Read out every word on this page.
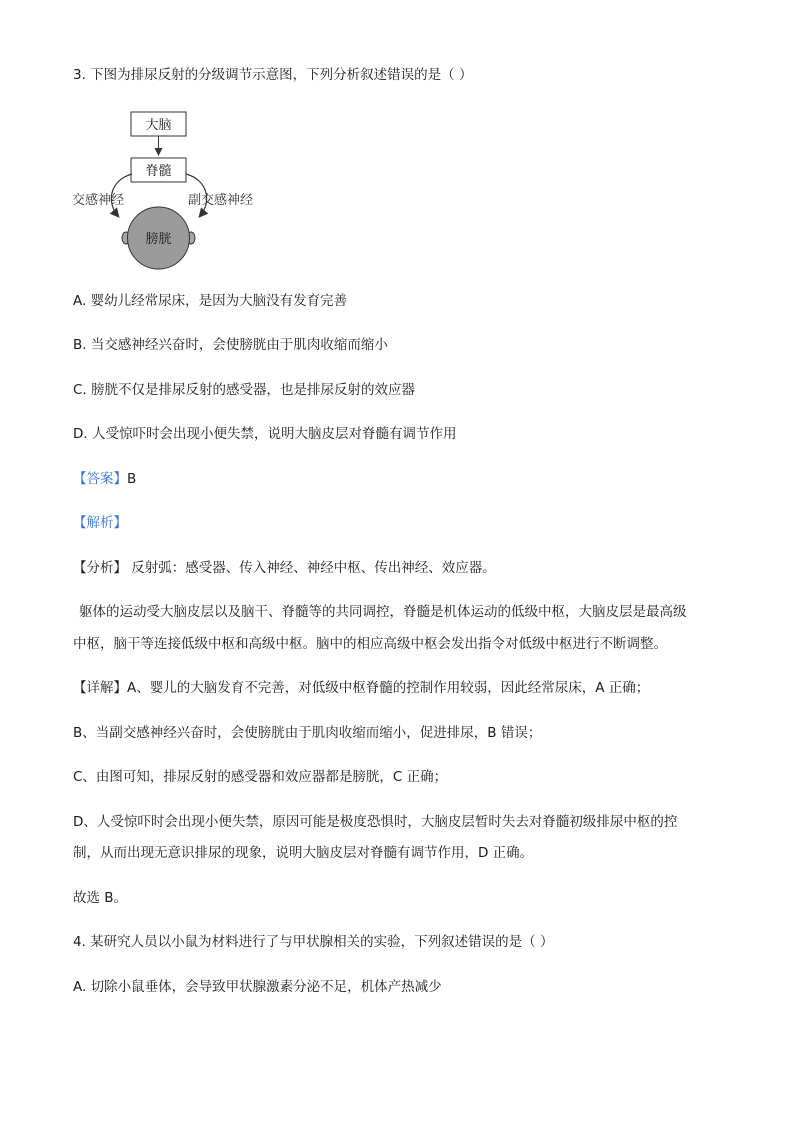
3. 下图为排尿反射的分级调节示意图，下列分析叙述错误的是（ ）
大脑
脊髓
交感神经	副交感神经
膀胱
A. 婴幼儿经常尿床，是因为大脑没有发育完善
B. 当交感神经兴奋时，会使膀胱由于肌肉收缩而缩小
C. 膀胱不仅是排尿反射的感受器，也是排尿反射的效应器
D. 人受惊吓时会出现小便失禁，说明大脑皮层对脊髓有调节作用
【答案】B
【解析】
【分析】 反射弧：感受器、传入神经、神经中枢、传出神经、效应器。
躯体的运动受大脑皮层以及脑干、脊髓等的共同调控，脊髓是机体运动的低级中枢，大脑皮层是最高级
中枢，脑干等连接低级中枢和高级中枢。脑中的相应高级中枢会发出指令对低级中枢进行不断调整。
【详解】A、婴儿的大脑发育不完善，对低级中枢脊髓的控制作用较弱，因此经常尿床，A 正确；
B、当副交感神经兴奋时，会使膀胱由于肌肉收缩而缩小，促进排尿，B 错误；
C、由图可知，排尿反射的感受器和效应器都是膀胱，C 正确；
D、人受惊吓时会出现小便失禁，原因可能是极度恐惧时，大脑皮层暂时失去对脊髓初级排尿中枢的控
制，从而出现无意识排尿的现象，说明大脑皮层对脊髓有调节作用，D 正确。
故选 B。
4. 某研究人员以小鼠为材料进行了与甲状腺相关的实验，下列叙述错误的是（ ）
A. 切除小鼠垂体，会导致甲状腺激素分泌不足，机体产热减少
